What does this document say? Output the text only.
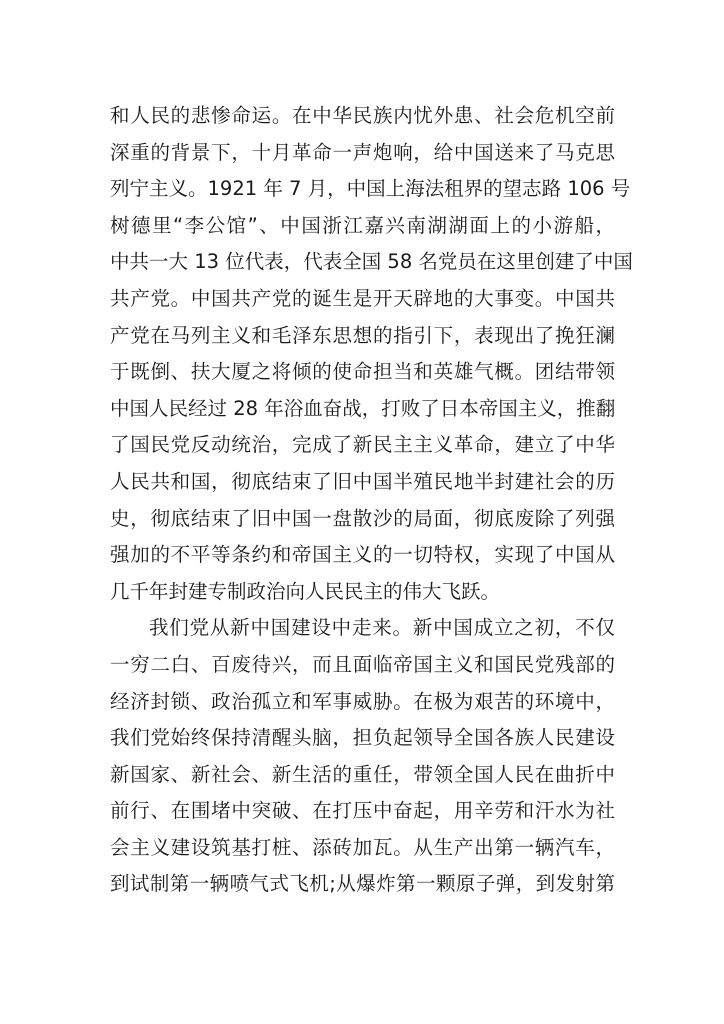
和人民的悲惨命运。在中华民族内忧外患、社会危机空前
深重的背景下，十月革命一声炮响，给中国送来了马克思
列宁主义。1921 年 7 月，中国上海法租界的望志路 106 号
树德里“李公馆”、中国浙江嘉兴南湖湖面上的小游船，
中共一大 13 位代表，代表全国 58 名党员在这里创建了中国
共产党。中国共产党的诞生是开天辟地的大事变。中国共
产党在马列主义和毛泽东思想的指引下，表现出了挽狂澜
于既倒、扶大厦之将倾的使命担当和英雄气概。团结带领
中国人民经过 28 年浴血奋战，打败了日本帝国主义，推翻
了国民党反动统治，完成了新民主主义革命，建立了中华
人民共和国，彻底结束了旧中国半殖民地半封建社会的历
史，彻底结束了旧中国一盘散沙的局面，彻底废除了列强
强加的不平等条约和帝国主义的一切特权，实现了中国从
几千年封建专制政治向人民民主的伟大飞跃。
我们党从新中国建设中走来。新中国成立之初，不仅
一穷二白、百废待兴，而且面临帝国主义和国民党残部的
经济封锁、政治孤立和军事威胁。在极为艰苦的环境中，
我们党始终保持清醒头脑，担负起领导全国各族人民建设
新国家、新社会、新生活的重任，带领全国人民在曲折中
前行、在围堵中突破、在打压中奋起，用辛劳和汗水为社
会主义建设筑基打桩、添砖加瓦。从生产出第一辆汽车，
到试制第一辆喷气式飞机;从爆炸第一颗原子弹，到发射第
